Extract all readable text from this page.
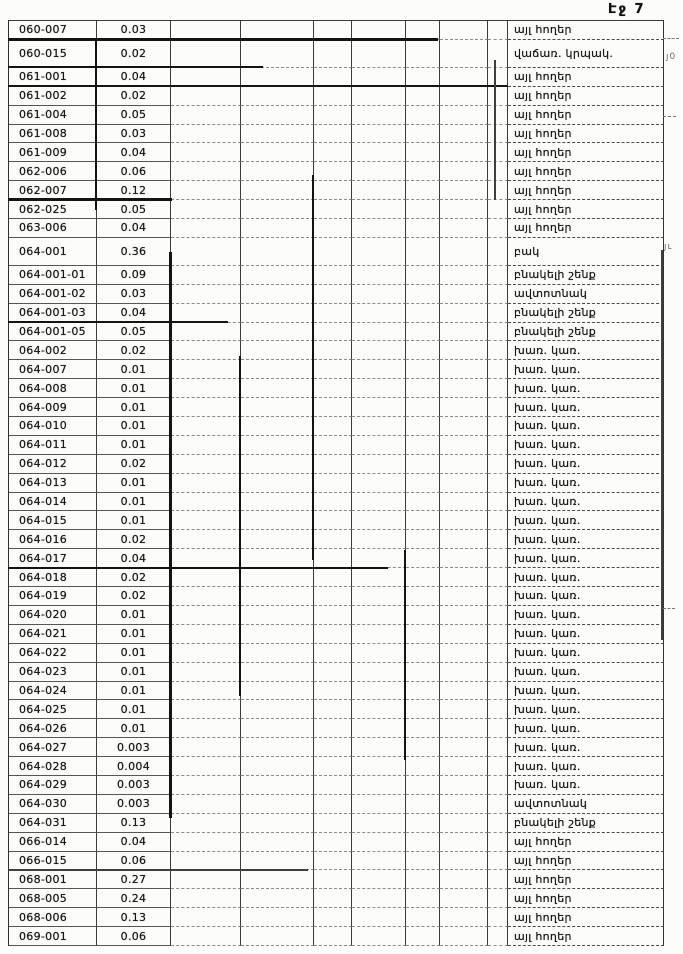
Էջ 7
060-007	0.03	այլ հողեր
060-015	0.02	վաճառ. կրպակ.
061-001	0.04	այլ հողեր
061-002	0.02	այլ հողեր
061-004	0.05	այլ հողեր
061-008	0.03	այլ հողեր
061-009	0.04	այլ հողեր
062-006	0.06	այլ հողեր
062-007	0.12	այլ հողեր
062-025	0.05	այլ հողեր
063-006	0.04	այլ հողեր
064-001	0.36	բակ
064-001-01	0.09	բնակելի շենք
064-001-02	0.03	ավտոտնակ
064-001-03	0.04	բնակելի շենք
064-001-05	0.05	բնակելի շենք
064-002	0.02	խառ. կառ.
064-007	0.01	խառ. կառ.
064-008	0.01	խառ. կառ.
064-009	0.01	խառ. կառ.
064-010	0.01	խառ. կառ.
064-011	0.01	խառ. կառ.
064-012	0.02	խառ. կառ.
064-013	0.01	խառ. կառ.
064-014	0.01	խառ. կառ.
064-015	0.01	խառ. կառ.
064-016	0.02	խառ. կառ.
064-017	0.04	խառ. կառ.
064-018	0.02	խառ. կառ.
064-019	0.02	խառ. կառ.
064-020	0.01	խառ. կառ.
064-021	0.01	խառ. կառ.
064-022	0.01	խառ. կառ.
064-023	0.01	խառ. կառ.
064-024	0.01	խառ. կառ.
064-025	0.01	խառ. կառ.
064-026	0.01	խառ. կառ.
064-027	0.003	խառ. կառ.
064-028	0.004	խառ. կառ.
064-029	0.003	խառ. կառ.
064-030	0.003	ավտոտնակ
064-031	0.13	բնակելի շենք
066-014	0.04	այլ հողեր
066-015	0.06	այլ հողեր
068-001	0.27	այլ հողեր
068-005	0.24	այլ հողեր
068-006	0.13	այլ հողեր
069-001	0.06	այլ հողեր
յ0
յւ
